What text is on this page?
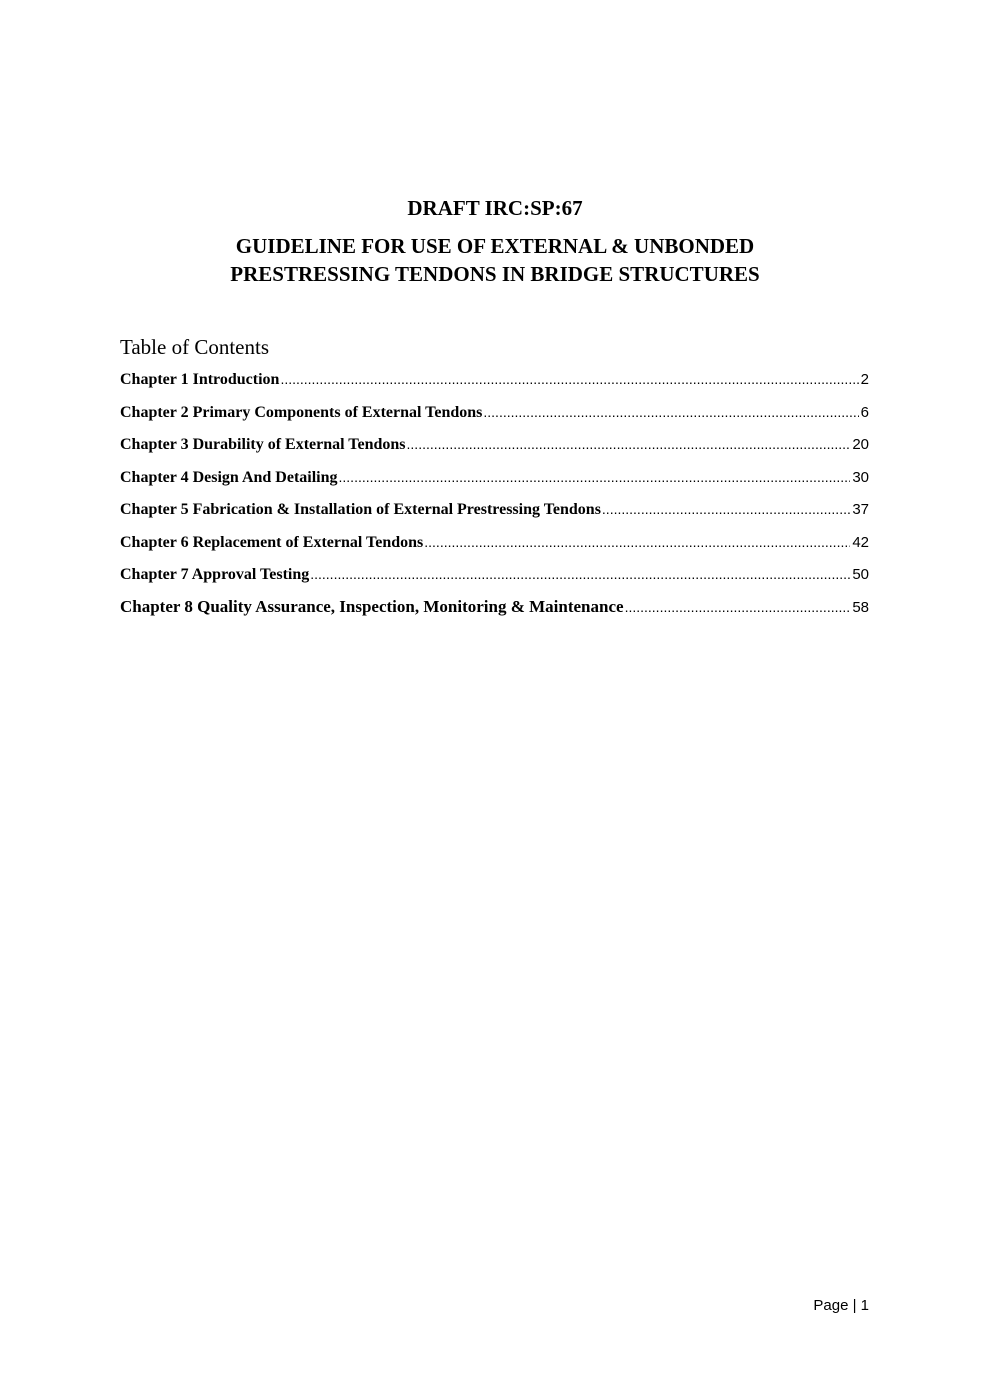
DRAFT IRC:SP:67
GUIDELINE FOR USE OF EXTERNAL & UNBONDED
PRESTRESSING TENDONS IN BRIDGE STRUCTURES
Table of Contents
Chapter 1 Introduction .....	2
Chapter 2 Primary Components of External Tendons .....	6
Chapter 3 Durability of External Tendons .....	20
Chapter 4 Design And Detailing .....	30
Chapter 5 Fabrication & Installation of External Prestressing Tendons .....	37
Chapter 6 Replacement of External Tendons .....	42
Chapter 7 Approval Testing .....	50
Chapter 8 Quality Assurance, Inspection, Monitoring & Maintenance .....	58
Page | 1
